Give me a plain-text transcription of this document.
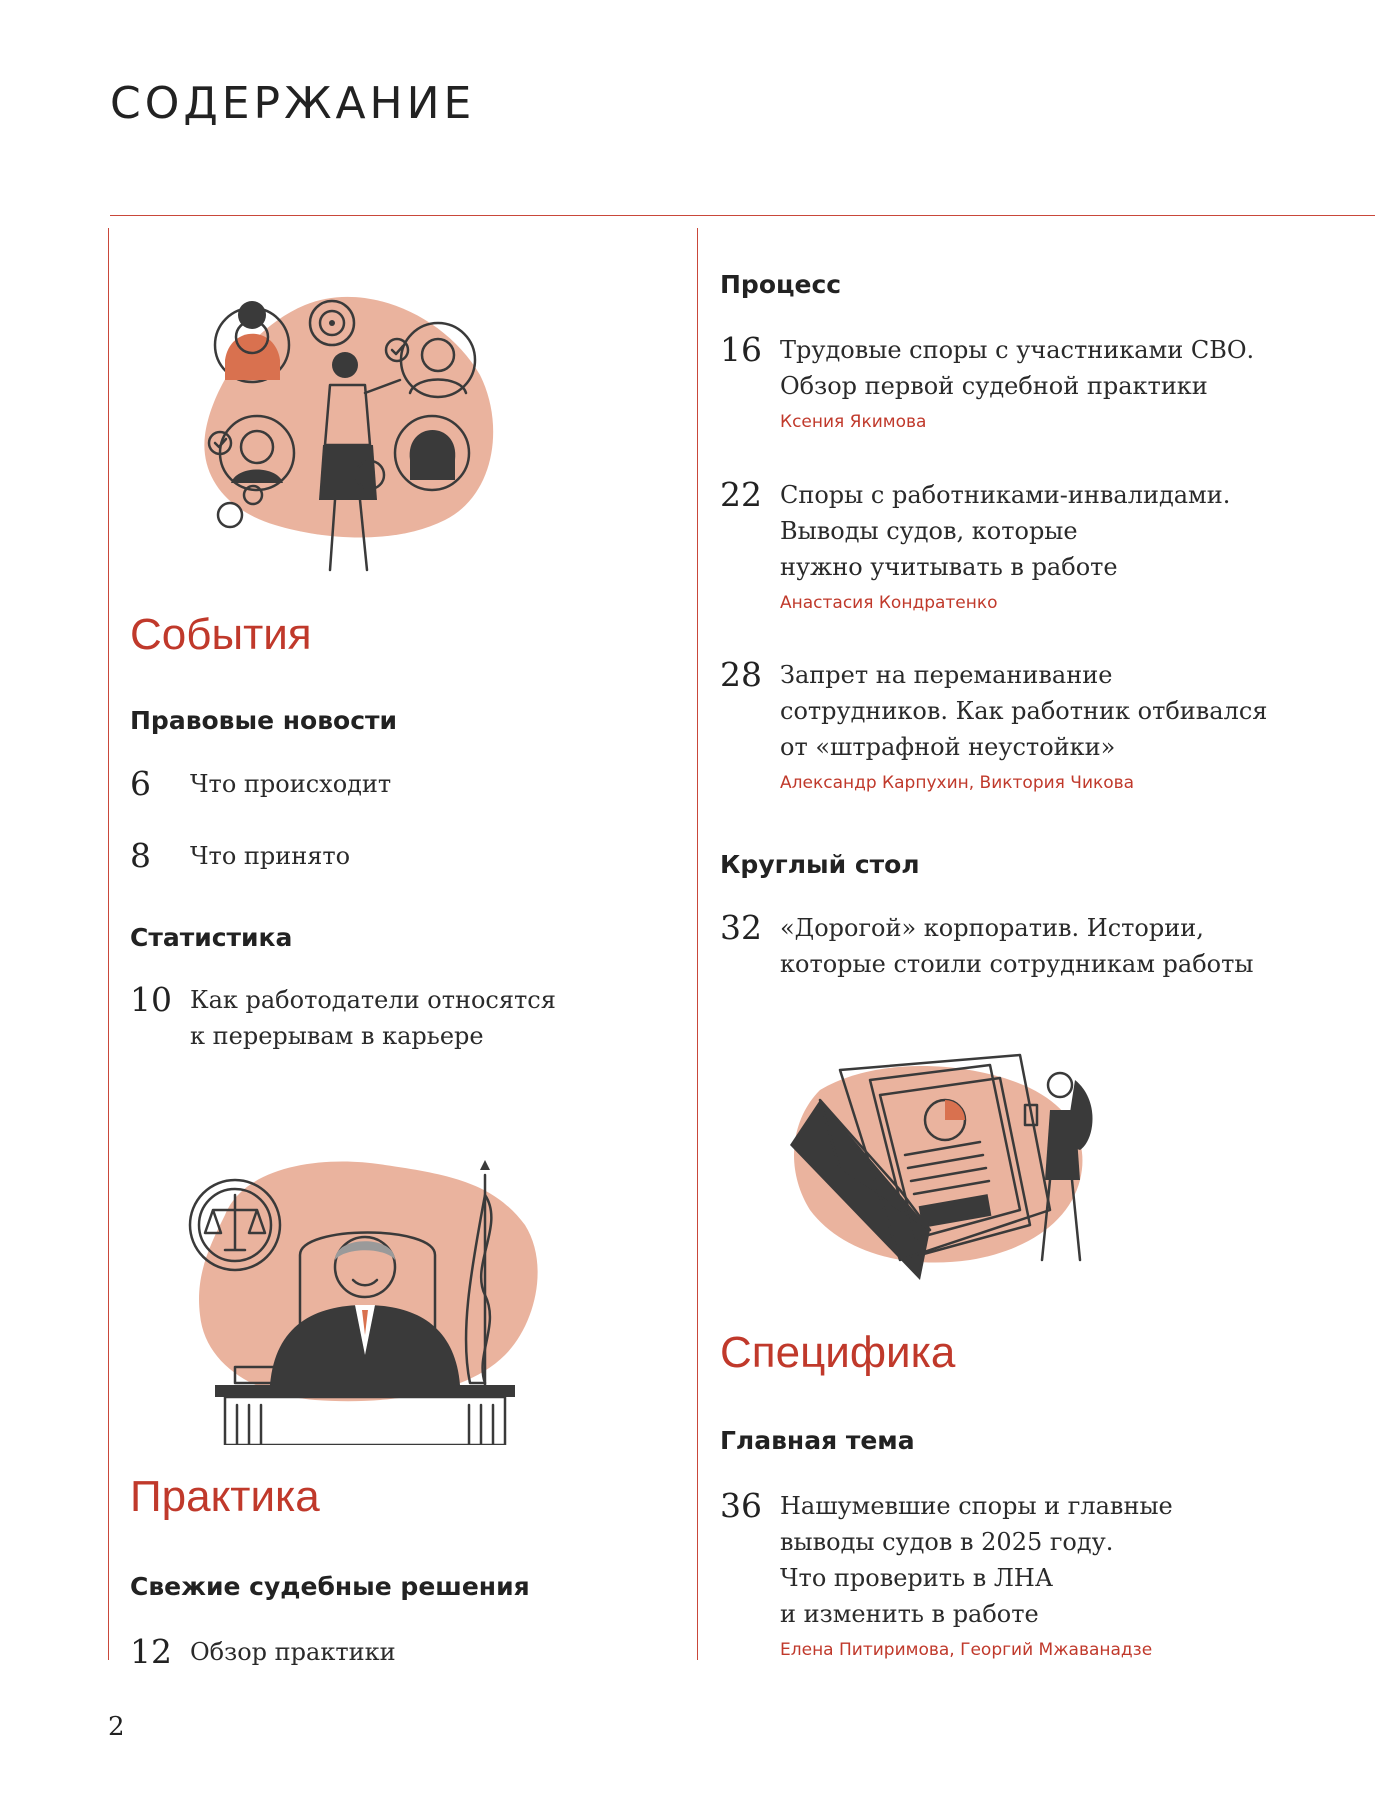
СОДЕРЖАНИЕ
События
Правовые новости
6	Что происходит
8	Что принято
Статистика
10 Как работодатели относятся
к перерывам в карьере
Практика
Свежие судебные решения
12 Обзор практики
Процесс
16 Трудовые споры с участниками СВО.
Обзор первой судебной практики
Ксения Якимова
22 Споры с работниками-инвалидами.
Выводы судов, которые
нужно учитывать в работе
Анастасия Кондратенко
28 Запрет на переманивание
сотрудников. Как работник отбивался
от «штрафной неустойки»
Александр Карпухин, Виктория Чикова
Круглый стол
32 «Дорогой» корпоратив. Истории,
которые стоили сотрудникам работы
Специфика
Главная тема
36 Нашумевшие споры и главные
выводы судов в 2025 году.
Что проверить в ЛНА
и изменить в работе
Елена Питиримова, Георгий Мжаванадзе
2
